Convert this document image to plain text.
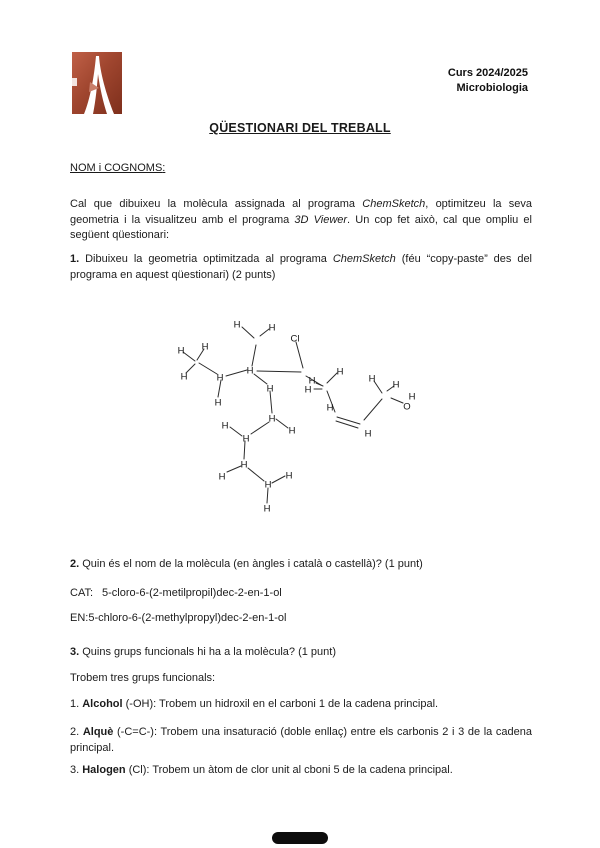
Curs 2024/2025
Microbiologia

QÜESTIONARI DEL TREBALL

NOM i COGNOMS:

Cal que dibuixeu la molècula assignada al programa ChemSketch, optimitzeu la seva geometria i la visualitzeu amb el programa 3D Viewer. Un cop fet això, cal que ompliu el següent qüestionari:

1. Dibuixeu la geometria optimitzada al programa ChemSketch (féu “copy-paste” des del programa en aquest qüestionari) (2 punts)

H H
H
H
H
H	H
H
Cl
H
H
H
H
H
H
H
H
H
O
H
H
H
H
H
H
H
H
H

2. Quin és el nom de la molècula (en àngles i català o castellà)? (1 punt)

CAT: 5-cloro-6-(2-metilpropil)dec-2-en-1-ol

EN:5-chloro-6-(2-methylpropyl)dec-2-en-1-ol

3. Quins grups funcionals hi ha a la molècula? (1 punt)

Trobem tres grups funcionals:

1. Alcohol (-OH): Trobem un hidroxil en el carboni 1 de la cadena principal.

2. Alquè (-C=C-): Trobem una insaturació (doble enllaç) entre els carbonis 2 i 3 de la cadena principal.

3. Halogen (Cl): Trobem un àtom de clor unit al cboni 5 de la cadena principal.
